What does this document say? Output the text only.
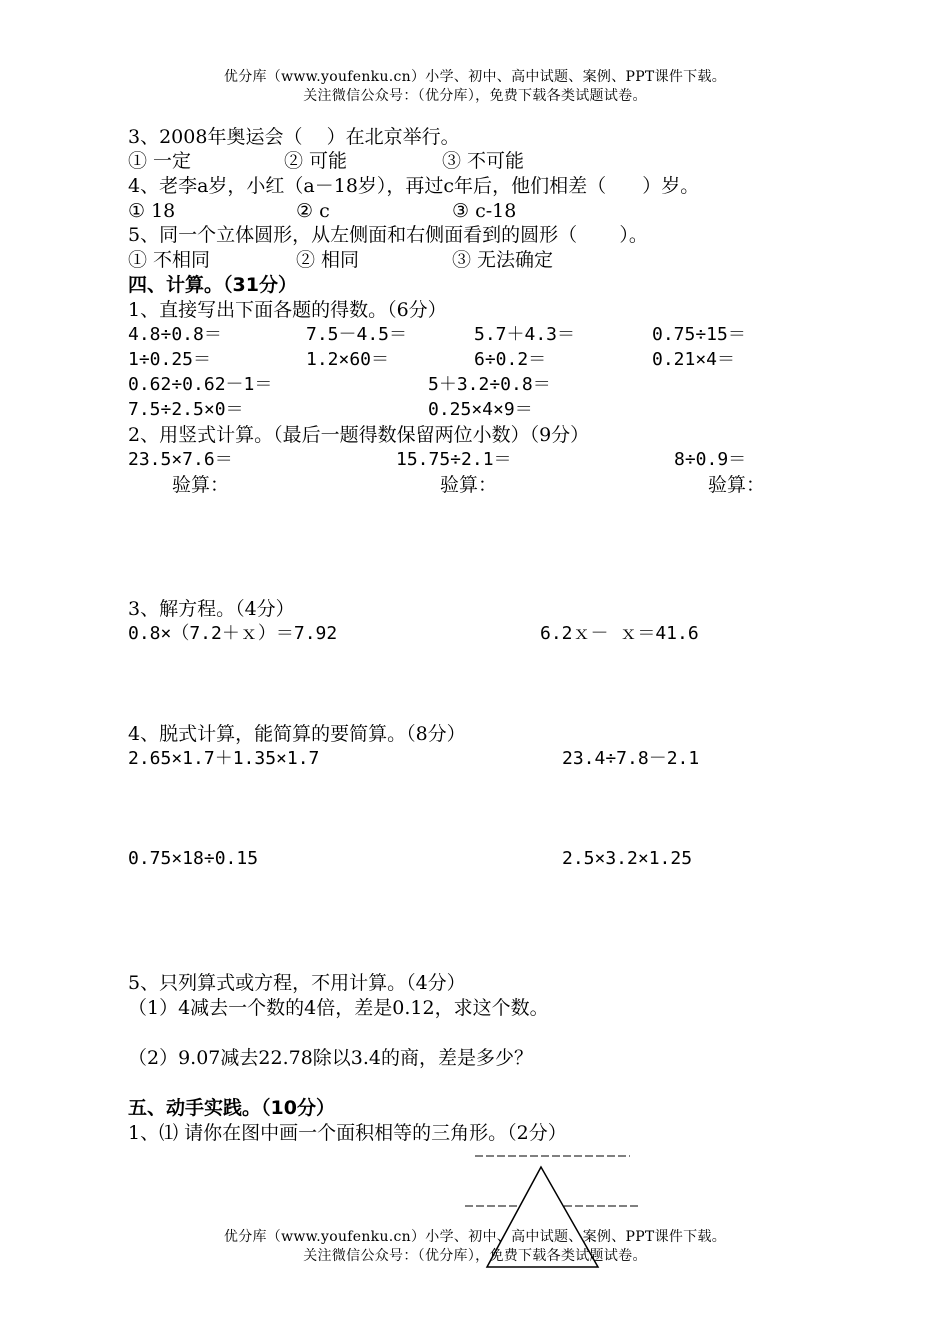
优分库（www.youfenku.cn）小学、初中、高中试题、案例、PPT课件下载。
关注微信公众号：（优分库），免费下载各类试题试卷。
3、2008年奥运会（    ）在北京举行。
① 一定	② 可能	③ 不可能
4、老李a岁，小红（a－18岁），再过c年后，他们相差（      ）岁。
① 18	② c	③ c-18
5、同一个立体圆形，从左侧面和右侧面看到的圆形（       ）。
① 不相同	② 相同	③ 无法确定
四、计算。（31分）
1、直接写出下面各题的得数。（6分）
4.8÷0.8＝	7.5－4.5＝	5.7＋4.3＝	0.75÷15＝
1÷0.25＝	1.2×60＝	6÷0.2＝	0.21×4＝
0.62÷0.62－1＝	5＋3.2÷0.8＝
7.5÷2.5×0＝	0.25×4×9＝
2、用竖式计算。（最后一题得数保留两位小数）（9分）
23.5×7.6＝	15.75÷2.1＝	8÷0.9＝
验算：	验算：	验算：
3、解方程。（4分）
0.8×（7.2＋ｘ）＝7.92	6.2ｘ－ ｘ＝41.6
4、脱式计算，能简算的要简算。（8分）
2.65×1.7＋1.35×1.7	23.4÷7.8－2.1
0.75×18÷0.15	2.5×3.2×1.25
5、只列算式或方程，不用计算。（4分）
（1）4减去一个数的4倍，差是0.12，求这个数。
（2）9.07减去22.78除以3.4的商，差是多少？
五、动手实践。（10分）
1、⑴ 请你在图中画一个面积相等的三角形。（2分）
优分库（www.youfenku.cn）小学、初中、高中试题、案例、PPT课件下载。
关注微信公众号：（优分库），免费下载各类试题试卷。
